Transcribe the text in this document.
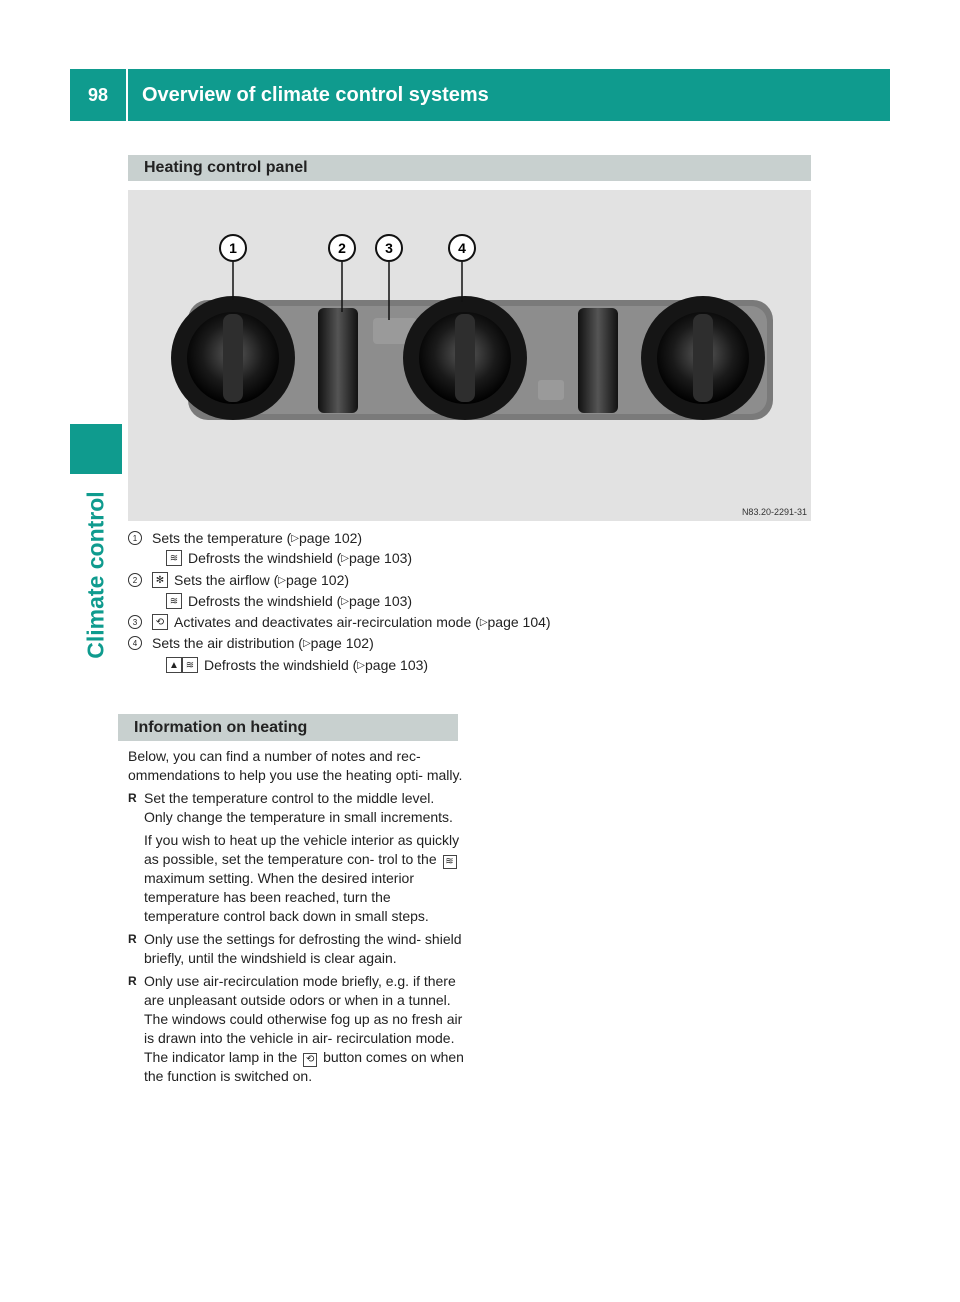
98	Overview of climate control systems
Climate control
Heating control panel
1	2	3	4
N83.20-2291-31
1	Sets the temperature ( ▷ page 102)
≋ Defrosts the windshield ( ▷ page 103)
2	✻ Sets the airflow ( ▷ page 102)
≋ Defrosts the windshield ( ▷ page 103)
3	⟲ Activates and deactivates air-recirculation mode ( ▷ page 104)
4	Sets the air distribution ( ▷ page 102)
▲ ≋ Defrosts the windshield ( ▷ page 103)
Information on heating

Below, you can find a number of notes and rec- ommendations to help you use the heating opti- mally.

R Set the temperature control to the middle level. Only change the temperature in small increments.

If you wish to heat up the vehicle interior as quickly as possible, set the temperature con- trol to the ≋ maximum setting. When the desired interior temperature has been reached, turn the temperature control back down in small steps.

R Only use the settings for defrosting the wind- shield briefly, until the windshield is clear again.

R Only use air-recirculation mode briefly, e.g. if there are unpleasant outside odors or when in a tunnel. The windows could otherwise fog up as no fresh air is drawn into the vehicle in air- recirculation mode. The indicator lamp in the ⟲ button comes on when the function is switched on.
